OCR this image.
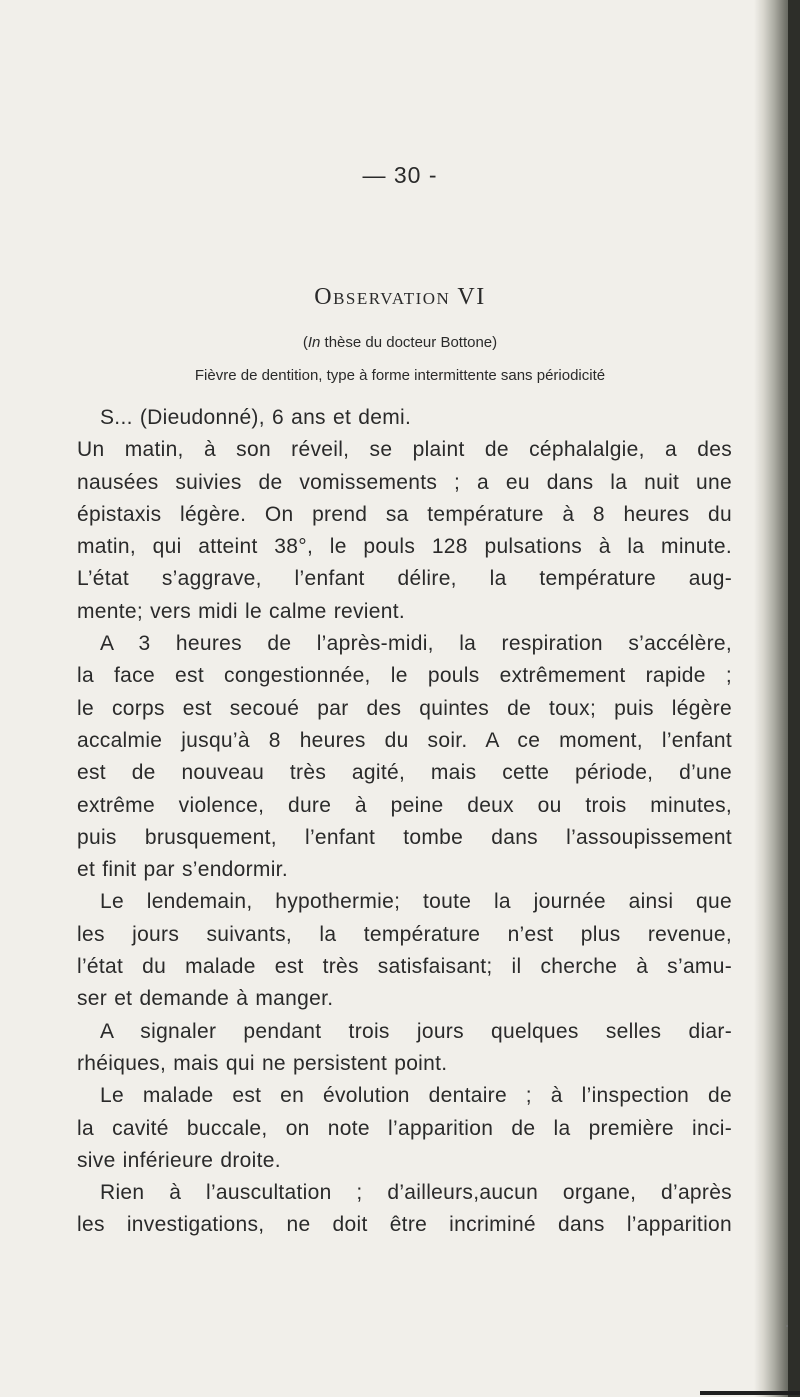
— 30 -
Observation VI
(In thèse du docteur Bottone)
Fièvre de dentition, type à forme intermittente sans périodicité
S... (Dieudonné), 6 ans et demi.
Un matin, à son réveil, se plaint de céphalalgie, a des
nausées suivies de vomissements ; a eu dans la nuit une
épistaxis légère. On prend sa température à 8 heures du
matin, qui atteint 38°, le pouls 128 pulsations à la minute.
L’état s’aggrave, l’enfant délire, la température aug-
mente; vers midi le calme revient.
A 3 heures de l’après-midi, la respiration s’accélère,
la face est congestionnée, le pouls extrêmement rapide ;
le corps est secoué par des quintes de toux; puis légère
accalmie jusqu’à 8 heures du soir. A ce moment, l’enfant
est de nouveau très agité, mais cette période, d’une
extrême violence, dure à peine deux ou trois minutes,
puis brusquement, l’enfant tombe dans l’assoupissement
et finit par s’endormir.
Le lendemain, hypothermie; toute la journée ainsi que
les jours suivants, la température n’est plus revenue,
l’état du malade est très satisfaisant; il cherche à s’amu-
ser et demande à manger.
A signaler pendant trois jours quelques selles diar-
rhéiques, mais qui ne persistent point.
Le malade est en évolution dentaire ; à l’inspection de
la cavité buccale, on note l’apparition de la première inci-
sive inférieure droite.
Rien à l’auscultation ; d’ailleurs,aucun organe, d’après
les investigations, ne doit être incriminé dans l’apparition
